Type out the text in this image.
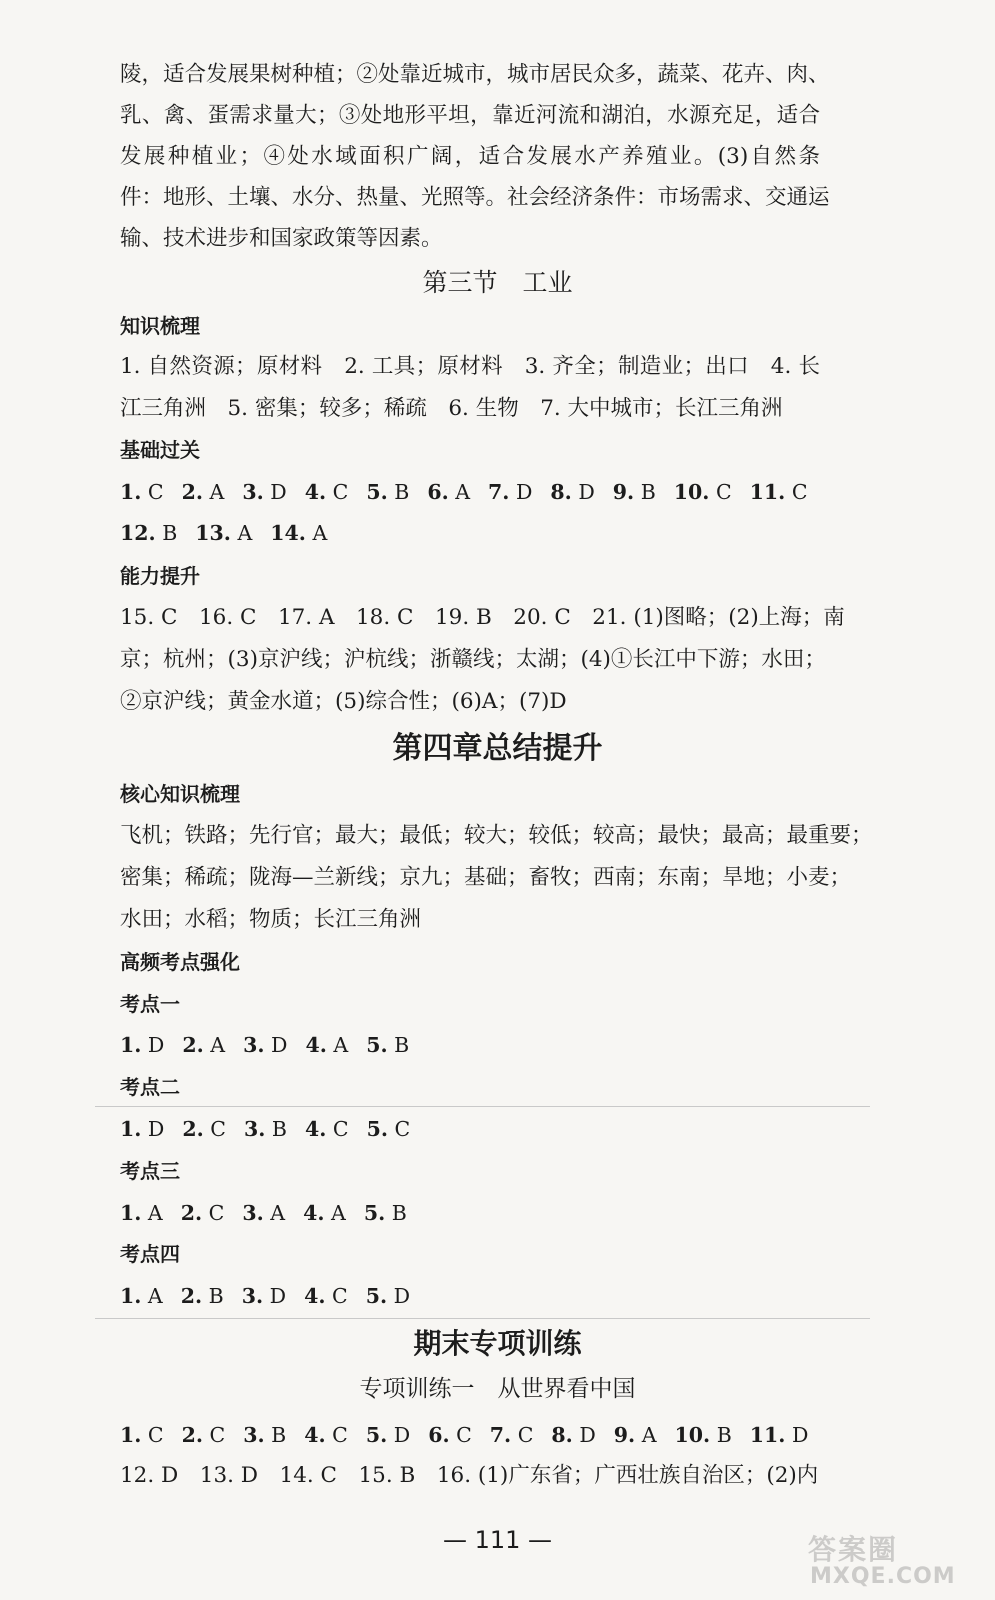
陵，适合发展果树种植；②处靠近城市，城市居民众多，蔬菜、花卉、肉、
乳、禽、蛋需求量大；③处地形平坦，靠近河流和湖泊，水源充足，适合
发展种植业；④处水域面积广阔，适合发展水产养殖业。(3)自然条
件：地形、土壤、水分、热量、光照等。社会经济条件：市场需求、交通运
输、技术进步和国家政策等因素。
第三节　工业
知识梳理
1. 自然资源；原材料　2. 工具；原材料　3. 齐全；制造业；出口　4. 长
江三角洲　5. 密集；较多；稀疏　6. 生物　7. 大中城市；长江三角洲
基础过关
1. C 2. A 3. D 4. C 5. B 6. A 7. D 8. D 9. B 10. C 11. C
12. B 13. A 14. A
能力提升
15. C　16. C　17. A　18. C　19. B　20. C　21. (1)图略；(2)上海；南
京；杭州；(3)京沪线；沪杭线；浙赣线；太湖；(4)①长江中下游；水田；
②京沪线；黄金水道；(5)综合性；(6)A；(7)D
第四章总结提升
核心知识梳理
飞机；铁路；先行官；最大；最低；较大；较低；较高；最快；最高；最重要；
密集；稀疏；陇海—兰新线；京九；基础；畜牧；西南；东南；旱地；小麦；
水田；水稻；物质；长江三角洲
高频考点强化
考点一
1. D 2. A 3. D 4. A 5. B
考点二
1. D 2. C 3. B 4. C 5. C
考点三
1. A 2. C 3. A 4. A 5. B
考点四
1. A 2. B 3. D 4. C 5. D
期末专项训练
专项训练一　从世界看中国
1. C 2. C 3. B 4. C 5. D 6. C 7. C 8. D 9. A 10. B 11. D
12. D　13. D　14. C　15. B　16. (1)广东省；广西壮族自治区；(2)内
— 111 —	答案圈
MXQE.COM
